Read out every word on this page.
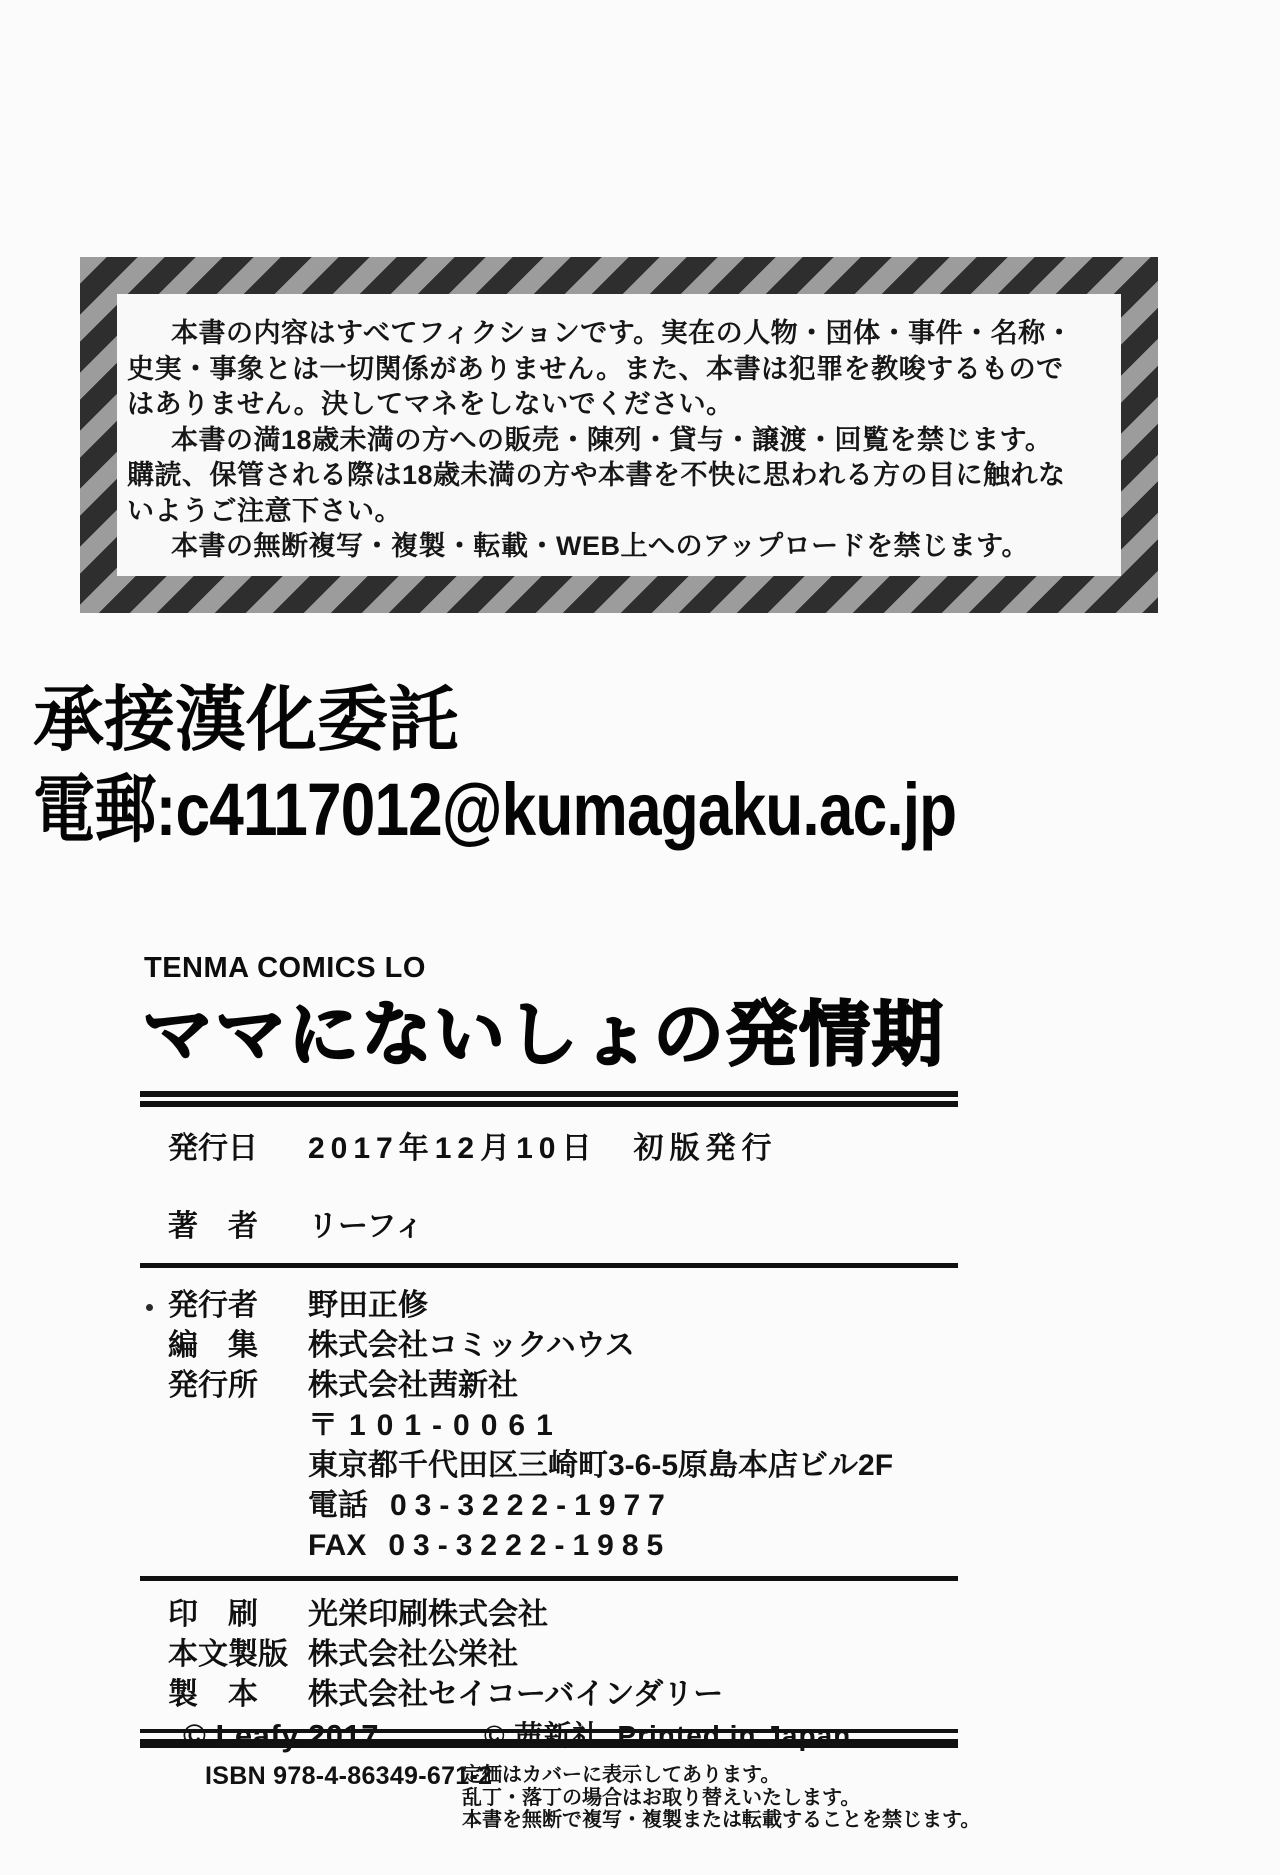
本書の内容はすべてフィクションです。実在の人物・団体・事件・名称・

史実・事象とは一切関係がありません。また、本書は犯罪を教唆するもので

はありません。決してマネをしないでください。

本書の満18歳未満の方への販売・陳列・貸与・譲渡・回覧を禁じます。

購読、保管される際は18歳未満の方や本書を不快に思われる方の目に触れな

いようご注意下さい。

本書の無断複写・複製・転載・WEB上へのアップロードを禁じます。

承接漢化委託
電郵:c4117012@kumagaku.ac.jp
TENMA COMICS LO
ママにないしょの発情期
発行日	2017年12月10日　初版発行
著　者	リーフィ
発行者	野田正修
編　集	株式会社コミックハウス
発行所	株式会社茜新社
〒101-0061
東京都千代田区三崎町3-6-5原島本店ビル2F
電話 03-3222-1977
FAX 03-3222-1985
印　刷	光栄印刷株式会社
本文製版 株式会社公栄社
製　本	株式会社セイコーバインダリー
© Leafy 2017
ISBN 978-4-86349-671-2
© 茜新社 Printed in Japan
定価はカバーに表示してあります。
乱丁・落丁の場合はお取り替えいたします。
本書を無断で複写・複製または転載することを禁じます。
